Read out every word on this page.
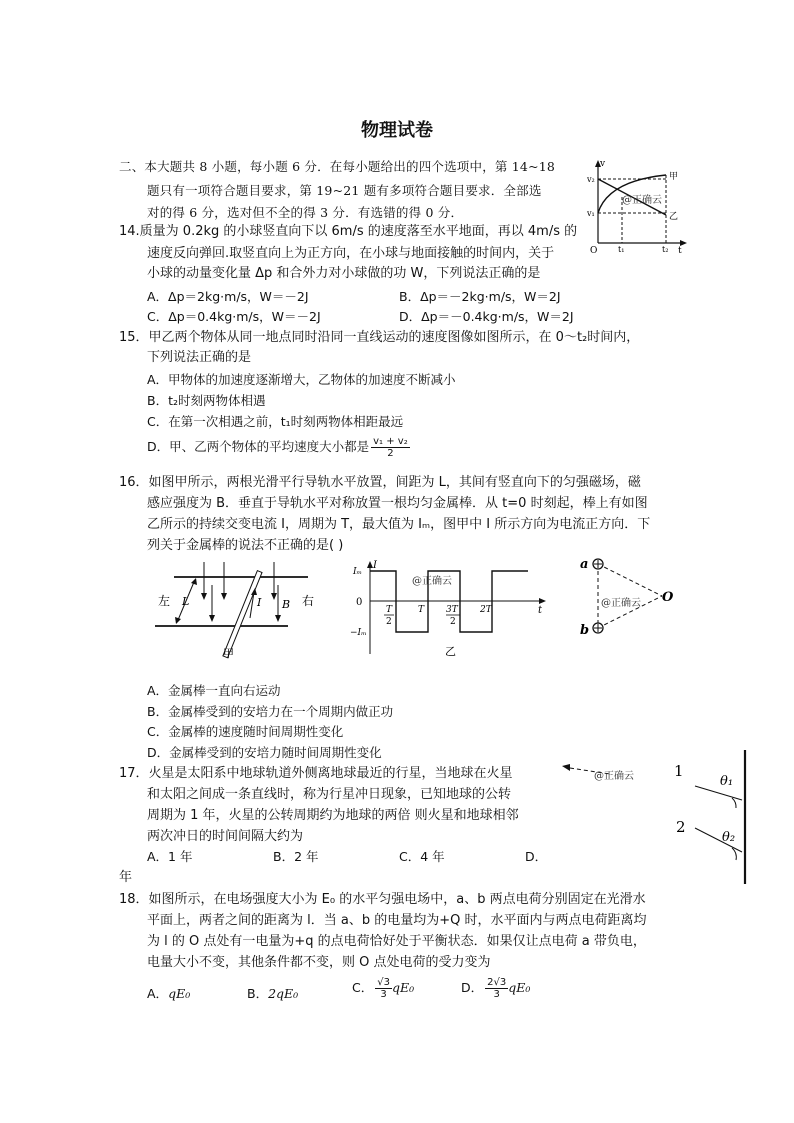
物理试卷
二、本大题共 8 小题，每小题 6 分．在每小题给出的四个选项中，第 14~18
题只有一项符合题目要求，第 19~21 题有多项符合题目要求．全部选
对的得 6 分，选对但不全的得 3 分．有选错的得 0 分．
v
t
O
v₂
v₁
t₁	t₂
甲
乙
@正确云
14.质量为 0.2kg 的小球竖直向下以 6m/s 的速度落至水平地面，再以 4m/s 的
速度反向弹回.取竖直向上为正方向，在小球与地面接触的时间内，关于
小球的动量变化量 Δp 和合外力对小球做的功 W，下列说法正确的是
A．Δp＝2kg·m/s，W＝－2J	B．Δp＝－2kg·m/s，W＝2J
C．Δp＝0.4kg·m/s，W＝－2J	D．Δp＝－0.4kg·m/s，W＝2J
15．甲乙两个物体从同一地点同时沿同一直线运动的速度图像如图所示，在 0～t₂时间内，
下列说法正确的是
A．甲物体的加速度逐渐增大，乙物体的加速度不断减小
B．t₂时刻两物体相遇
C．在第一次相遇之前，t₁时刻两物体相距最远
D．甲、乙两个物体的平均速度大小都是 $\frac{\text{v₁ + v₂}}{2}$
16．如图甲所示，两根光滑平行导轨水平放置，间距为 L，其间有竖直向下的匀强磁场，磁
感应强度为 B．垂直于导轨水平对称放置一根均匀金属棒．从 t=0 时刻起，棒上有如图
乙所示的持续交变电流 I，周期为 T，最大值为 Iₘ，图甲中 I 所示方向为电流正方向．下
列关于金属棒的说法不正确的是( )
左	右
L	I B
甲
Iₘ
−Iₘ
0
I
t
T
2
T 3T
2
2T
@正确云
乙
a
b
O
@正确云
A．金属棒一直向右运动
B．金属棒受到的安培力在一个周期内做正功
C．金属棒的速度随时间周期性变化
D．金属棒受到的安培力随时间周期性变化
1
2
θ₁
θ₂
@正确云
17．火星是太阳系中地球轨道外侧离地球最近的行星，当地球在火星
和太阳之间成一条直线时，称为行星冲日现象，已知地球的公转
周期为 1 年，火星的公转周期约为地球的两倍 则火星和地球相邻
两次冲日的时间间隔大约为
A．1 年	B．2 年	C．4 年	D．
年
18．如图所示，在电场强度大小为 E₀ 的水平匀强电场中，a、b 两点电荷分别固定在光滑水
平面上，两者之间的距离为 l．当 a、b 的电量均为+Q 时，水平面内与两点电荷距离均
为 l 的 O 点处有一电量为+q 的点电荷恰好处于平衡状态．如果仅让点电荷 a 带负电，
电量大小不变，其他条件都不变，则 O 点处电荷的受力变为
A．qE₀	B．2qE₀	C． $\frac{√3}{3} qE_0$	D． $\frac{2√3}{3} qE_0$
